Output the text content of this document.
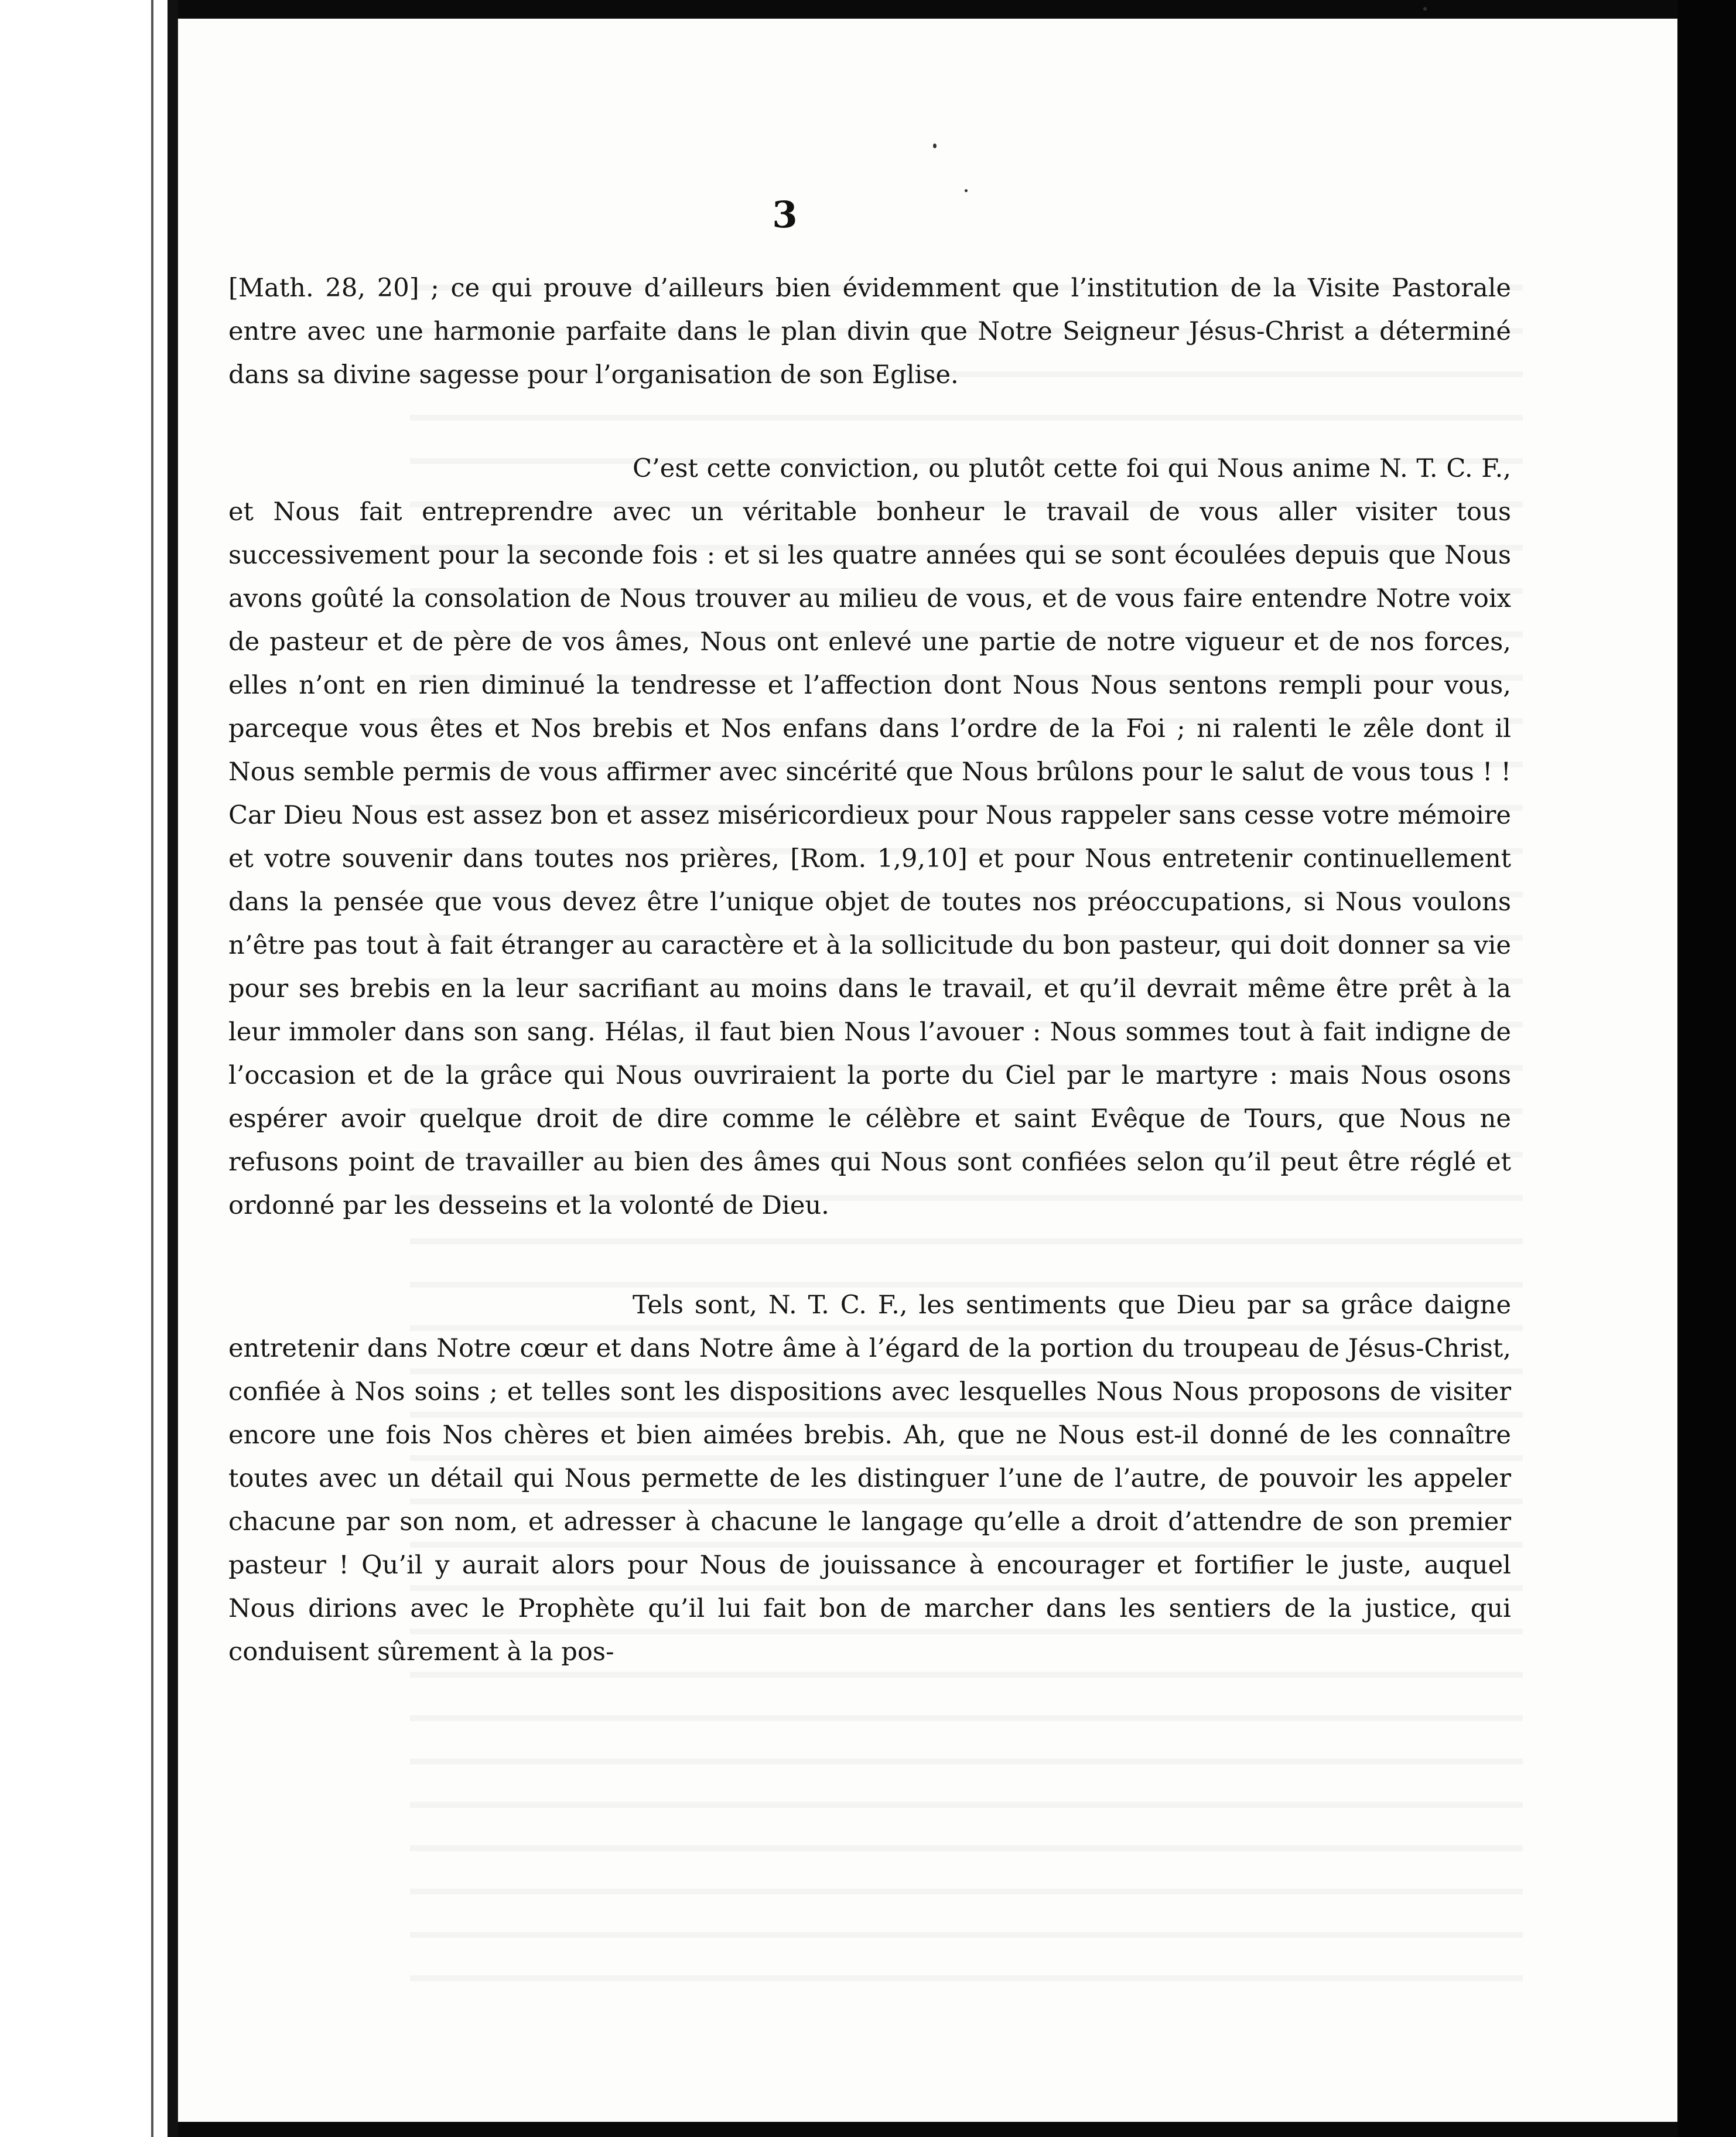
3

[Math. 28, 20] ; ce qui prouve d’ailleurs bien évidemment que l’institution de la Visite Pastorale entre avec une harmonie parfaite dans le plan divin que Notre Seigneur Jésus-Christ a déterminé dans sa divine sagesse pour l’organisation de son Eglise.

C’est cette conviction, ou plutôt cette foi qui Nous anime N. T. C. F., et Nous fait entreprendre avec un véritable bonheur le travail de vous aller visiter tous successivement pour la seconde fois : et si les quatre années qui se sont écoulées depuis que Nous avons goûté la consolation de Nous trouver au milieu de vous, et de vous faire entendre Notre voix de pasteur et de père de vos âmes, Nous ont enlevé une partie de notre vigueur et de nos forces, elles n’ont en rien diminué la tendresse et l’affection dont Nous Nous sentons rempli pour vous, parceque vous êtes et Nos brebis et Nos enfans dans l’ordre de la Foi ; ni ralenti le zêle dont il Nous semble permis de vous affirmer avec sincérité que Nous brûlons pour le salut de vous tous ! ! Car Dieu Nous est assez bon et assez miséricordieux pour Nous rappeler sans cesse votre mémoire et votre souvenir dans toutes nos prières, [Rom. 1,9,10] et pour Nous entretenir continuellement dans la pensée que vous devez être l’unique objet de toutes nos préoccupations, si Nous voulons n’être pas tout à fait étranger au caractère et à la sollicitude du bon pasteur, qui doit donner sa vie pour ses brebis en la leur sacrifiant au moins dans le travail, et qu’il devrait même être prêt à la leur immoler dans son sang. Hélas, il faut bien Nous l’avouer : Nous sommes tout à fait indigne de l’occasion et de la grâce qui Nous ouvriraient la porte du Ciel par le martyre : mais Nous osons espérer avoir quelque droit de dire comme le célèbre et saint Evêque de Tours, que Nous ne refusons point de travailler au bien des âmes qui Nous sont confiées selon qu’il peut être réglé et ordonné par les desseins et la volonté de Dieu.

Tels sont, N. T. C. F., les sentiments que Dieu par sa grâce daigne entretenir dans Notre cœur et dans Notre âme à l’égard de la portion du troupeau de Jésus-Christ, confiée à Nos soins ; et telles sont les dispositions avec lesquelles Nous Nous proposons de visiter encore une fois Nos chères et bien aimées brebis. Ah, que ne Nous est-il donné de les connaître toutes avec un détail qui Nous permette de les distinguer l’une de l’autre, de pouvoir les appeler chacune par son nom, et adresser à chacune le langage qu’elle a droit d’attendre de son premier pasteur ! Qu’il y aurait alors pour Nous de jouissance à encourager et fortifier le juste, auquel Nous dirions avec le Prophète qu’il lui fait bon de marcher dans les sentiers de la justice, qui conduisent sûrement à la pos-
